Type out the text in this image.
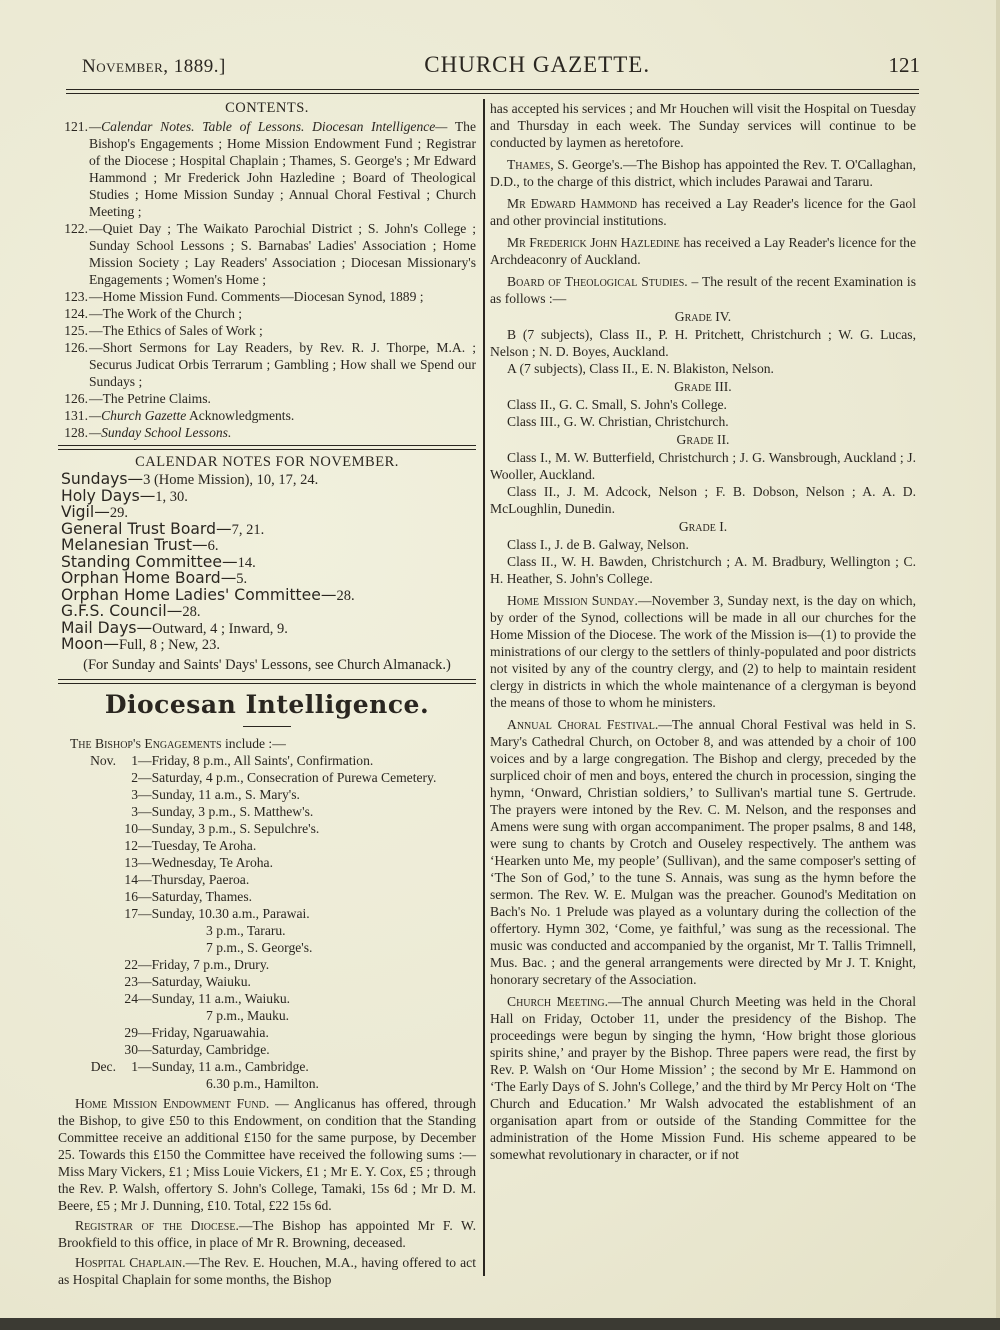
November, 1889.]	CHURCH GAZETTE.	121
CONTENTS.
121. —Calendar Notes. Table of Lessons. Diocesan Intelligence— The Bishop's Engagements ; Home Mission Endowment Fund ; Registrar of the Diocese ; Hospital Chaplain ; Thames, S. George's ; Mr Edward Hammond ; Mr Frederick John Hazledine ; Board of Theological Studies ; Home Mission Sunday ; Annual Choral Festival ; Church Meeting ;
122. —Quiet Day ; The Waikato Parochial District ; S. John's College ; Sunday School Lessons ; S. Barnabas' Ladies' Association ; Home Mission Society ; Lay Readers' Association ; Diocesan Missionary's Engagements ; Women's Home ;
123. —Home Mission Fund. Comments—Diocesan Synod, 1889 ;
124. —The Work of the Church ;
125. —The Ethics of Sales of Work ;
126. —Short Sermons for Lay Readers, by Rev. R. J. Thorpe, M.A. ; Securus Judicat Orbis Terrarum ; Gambling ; How shall we Spend our Sundays ;
126. —The Petrine Claims.
131. —Church Gazette Acknowledgments.
128. —Sunday School Lessons.
CALENDAR NOTES FOR NOVEMBER.
Sundays—3 (Home Mission), 10, 17, 24.
Holy Days—1, 30.
Vigil—29.
General Trust Board—7, 21.
Melanesian Trust—6.
Standing Committee—14.
Orphan Home Board—5.
Orphan Home Ladies' Committee—28.
G.F.S. Council—28.
Mail Days—Outward, 4 ; Inward, 9.
Moon—Full, 8 ; New, 23.
(For Sunday and Saints' Days' Lessons, see Church Almanack.)
Diocesan Intelligence.
The Bishop's Engagements include :—
Nov.	1 —Friday, 8 p.m., All Saints', Confirmation.
2 —Saturday, 4 p.m., Consecration of Purewa Cemetery.
3 —Sunday, 11 a.m., S. Mary's.
3 —Sunday, 3 p.m., S. Matthew's.
10 —Sunday, 3 p.m., S. Sepulchre's.
12 —Tuesday, Te Aroha.
13 —Wednesday, Te Aroha.
14 —Thursday, Paeroa.
16 —Saturday, Thames.
17 —Sunday, 10.30 a.m., Parawai.
3 p.m., Tararu.
7 p.m., S. George's.
22 —Friday, 7 p.m., Drury.
23 —Saturday, Waiuku.
24 —Sunday, 11 a.m., Waiuku.
7 p.m., Mauku.
29 —Friday, Ngaruawahia.
30 —Saturday, Cambridge.
Dec.	1 —Sunday, 11 a.m., Cambridge.
6.30 p.m., Hamilton.

Home Mission Endowment Fund. — Anglicanus has offered, through the Bishop, to give £50 to this Endowment, on condition that the Standing Committee receive an additional £150 for the same purpose, by December 25. Towards this £150 the Committee have received the following sums :—Miss Mary Vickers, £1 ; Miss Louie Vickers, £1 ; Mr E. Y. Cox, £5 ; through the Rev. P. Walsh, offertory S. John's College, Tamaki, 15s 6d ; Mr D. M. Beere, £5 ; Mr J. Dunning, £10. Total, £22 15s 6d.

Registrar of the Diocese.—The Bishop has appointed Mr F. W. Brookfield to this office, in place of Mr R. Browning, deceased.

Hospital Chaplain.—The Rev. E. Houchen, M.A., having offered to act as Hospital Chaplain for some months, the Bishop

has accepted his services ; and Mr Houchen will visit the Hospital on Tuesday and Thursday in each week. The Sunday services will continue to be conducted by laymen as heretofore.

Thames, S. George's.—The Bishop has appointed the Rev. T. O'Callaghan, D.D., to the charge of this district, which includes Parawai and Tararu.

Mr Edward Hammond has received a Lay Reader's licence for the Gaol and other provincial institutions.

Mr Frederick John Hazledine has received a Lay Reader's licence for the Archdeaconry of Auckland.

Board of Theological Studies. – The result of the recent Examination is as follows :—

Grade IV.

B (7 subjects), Class II., P. H. Pritchett, Christchurch ; W. G. Lucas, Nelson ; N. D. Boyes, Auckland.

A (7 subjects), Class II., E. N. Blakiston, Nelson.

Grade III.

Class II., G. C. Small, S. John's College.

Class III., G. W. Christian, Christchurch.

Grade II.

Class I., M. W. Butterfield, Christchurch ; J. G. Wansbrough, Auckland ; J. Wooller, Auckland.

Class II., J. M. Adcock, Nelson ; F. B. Dobson, Nelson ; A. A. D. McLoughlin, Dunedin.

Grade I.

Class I., J. de B. Galway, Nelson.

Class II., W. H. Bawden, Christchurch ; A. M. Bradbury, Wellington ; C. H. Heather, S. John's College.

Home Mission Sunday.—November 3, Sunday next, is the day on which, by order of the Synod, collections will be made in all our churches for the Home Mission of the Diocese. The work of the Mission is—(1) to provide the ministrations of our clergy to the settlers of thinly-populated and poor districts not visited by any of the country clergy, and (2) to help to maintain resident clergy in districts in which the whole maintenance of a clergyman is beyond the means of those to whom he ministers.

Annual Choral Festival.—The annual Choral Festival was held in S. Mary's Cathedral Church, on October 8, and was attended by a choir of 100 voices and by a large congregation. The Bishop and clergy, preceded by the surpliced choir of men and boys, entered the church in procession, singing the hymn, ‘Onward, Christian soldiers,’ to Sullivan's martial tune S. Gertrude. The prayers were intoned by the Rev. C. M. Nelson, and the responses and Amens were sung with organ accompaniment. The proper psalms, 8 and 148, were sung to chants by Crotch and Ouseley respectively. The anthem was ‘Hearken unto Me, my people’ (Sullivan), and the same composer's setting of ‘The Son of God,’ to the tune S. Annais, was sung as the hymn before the sermon. The Rev. W. E. Mulgan was the preacher. Gounod's Meditation on Bach's No. 1 Prelude was played as a voluntary during the collection of the offertory. Hymn 302, ‘Come, ye faithful,’ was sung as the recessional. The music was conducted and accompanied by the organist, Mr T. Tallis Trimnell, Mus. Bac. ; and the general arrangements were directed by Mr J. T. Knight, honorary secretary of the Association.

Church Meeting.—The annual Church Meeting was held in the Choral Hall on Friday, October 11, under the presidency of the Bishop. The proceedings were begun by singing the hymn, ‘How bright those glorious spirits shine,’ and prayer by the Bishop. Three papers were read, the first by Rev. P. Walsh on ‘Our Home Mission’ ; the second by Mr E. Hammond on ‘The Early Days of S. John's College,’ and the third by Mr Percy Holt on ‘The Church and Education.’ Mr Walsh advocated the establishment of an organisation apart from or outside of the Standing Committee for the administration of the Home Mission Fund. His scheme appeared to be somewhat revolutionary in character, or if not
